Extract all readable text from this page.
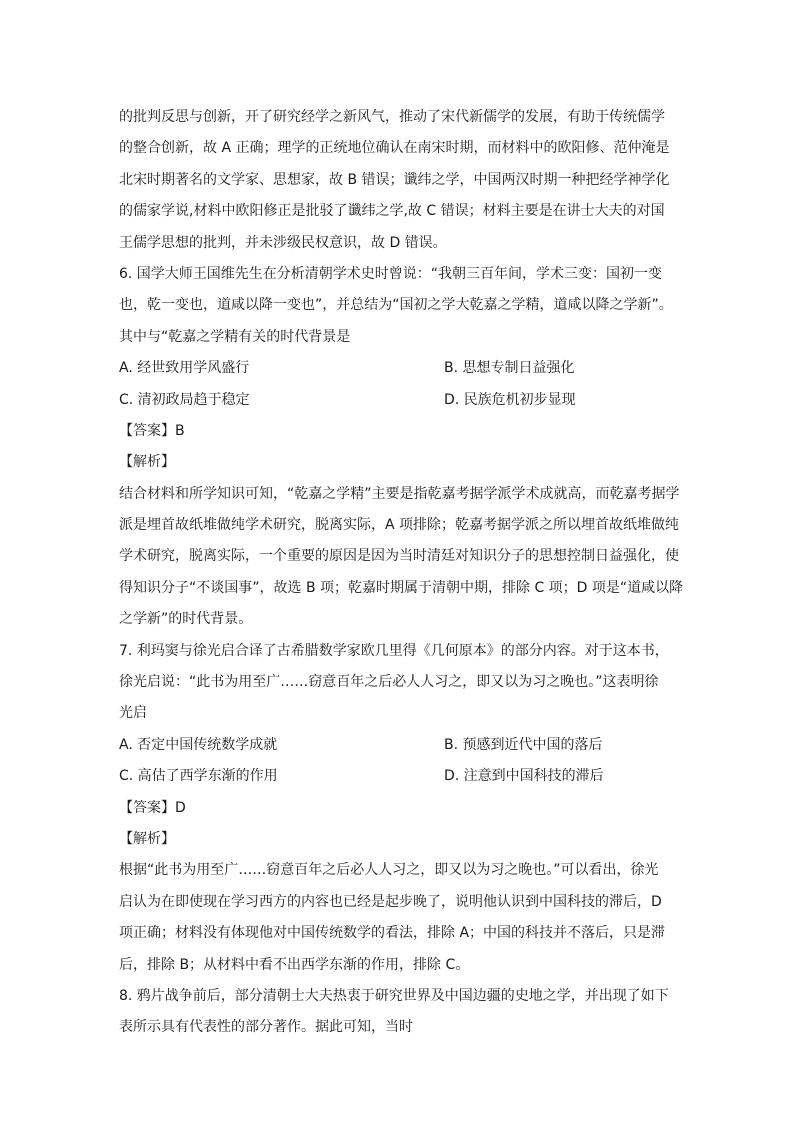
的批判反思与创新，开了研究经学之新风气，推动了宋代新儒学的发展，有助于传统儒学
的整合创新，故 A 正确；理学的正统地位确认在南宋时期，而材料中的欧阳修、范仲淹是
北宋时期著名的文学家、思想家，故 B 错误；谶纬之学，中国两汉时期一种把经学神学化
的儒家学说,材料中欧阳修正是批驳了谶纬之学,故 C 错误；材料主要是在讲士大夫的对国
王儒学思想的批判，并未涉级民权意识，故 D 错误。
6. 国学大师王国维先生在分析清朝学术史时曾说：“我朝三百年间，学术三变：国初一变
也，乾一变也，道咸以降一变也”，并总结为“国初之学大乾嘉之学精，道咸以降之学新”。
其中与“乾嘉之学精有关的时代背景是
A. 经世致用学风盛行	B. 思想专制日益强化
C. 清初政局趋于稳定	D. 民族危机初步显现
【答案】B
【解析】
结合材料和所学知识可知，“乾嘉之学精”主要是指乾嘉考据学派学术成就高，而乾嘉考据学
派是埋首故纸堆做纯学术研究，脱离实际，A 项排除；乾嘉考据学派之所以埋首故纸堆做纯
学术研究，脱离实际，一个重要的原因是因为当时清廷对知识分子的思想控制日益强化，使
得知识分子“不谈国事”，故选 B 项；乾嘉时期属于清朝中期，排除 C 项；D 项是“道咸以降
之学新”的时代背景。
7. 利玛窦与徐光启合译了古希腊数学家欧几里得《几何原本》的部分内容。对于这本书，
徐光启说：“此书为用至广……窃意百年之后必人人习之，即又以为习之晚也。”这表明徐
光启
A. 否定中国传统数学成就	B. 预感到近代中国的落后
C. 高估了西学东渐的作用	D. 注意到中国科技的滞后
【答案】D
【解析】
根据“此书为用至广……窃意百年之后必人人习之，即又以为习之晚也。”可以看出，徐光
启认为在即使现在学习西方的内容也已经是起步晚了，说明他认识到中国科技的滞后，D
项正确；材料没有体现他对中国传统数学的看法，排除 A；中国的科技并不落后，只是滞
后，排除 B；从材料中看不出西学东渐的作用，排除 C。
8. 鸦片战争前后，部分清朝士大夫热衷于研究世界及中国边疆的史地之学，并出现了如下
表所示具有代表性的部分著作。据此可知，当时
